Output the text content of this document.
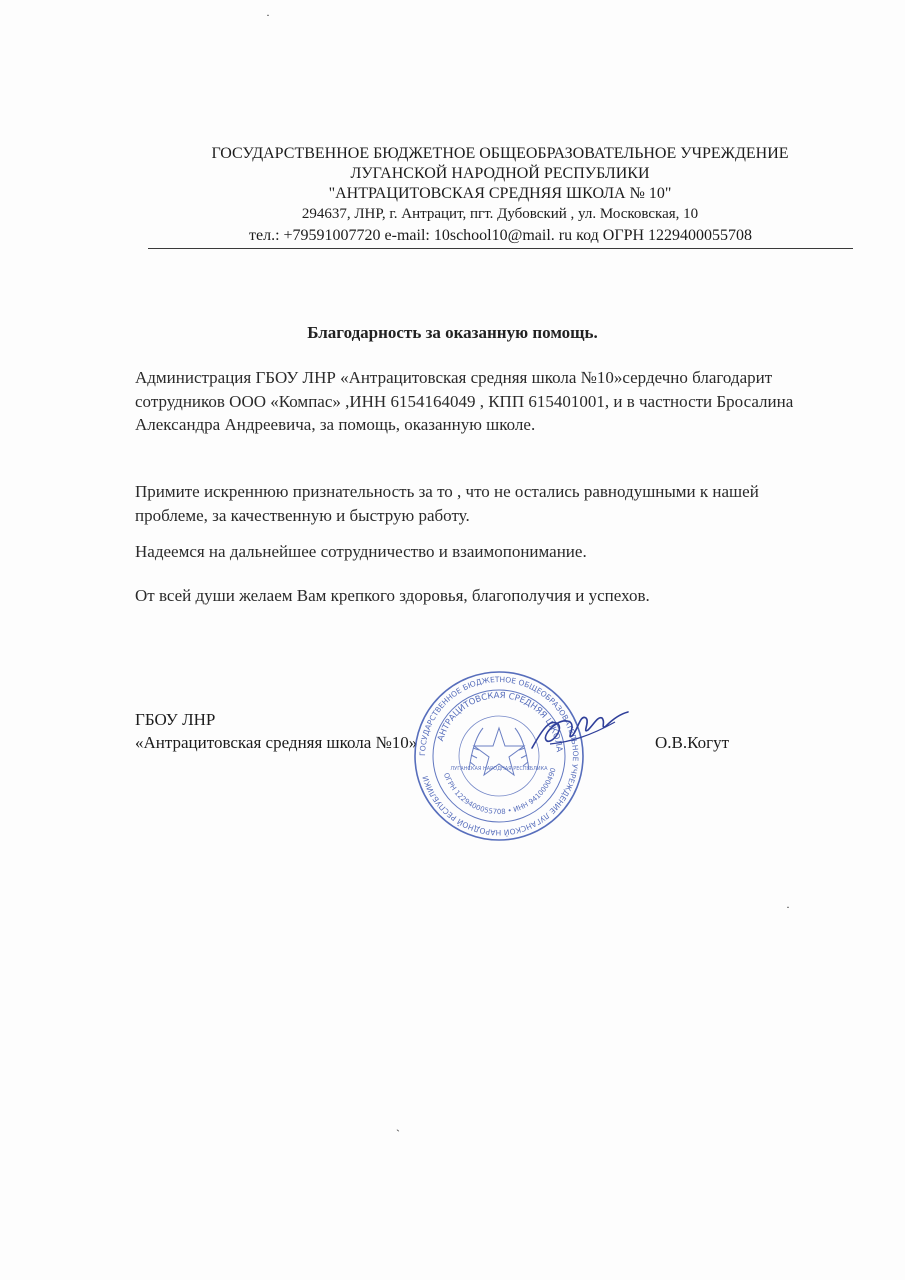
ГОСУДАРСТВЕННОЕ БЮДЖЕТНОЕ ОБЩЕОБРАЗОВАТЕЛЬНОЕ УЧРЕЖДЕНИЕ
ЛУГАНСКОЙ НАРОДНОЙ РЕСПУБЛИКИ
"АНТРАЦИТОВСКАЯ СРЕДНЯЯ ШКОЛА № 10"
294637, ЛНР, г. Антрацит, пгт. Дубовский , ул. Московская, 10
тел.: +79591007720 e-mail: 10school10@mail. ru код ОГРН 1229400055708
Благодарность за оказанную помощь.
Администрация ГБОУ ЛНР «Антрацитовская средняя школа №10»сердечно благодарит сотрудников ООО «Компас» ,ИНН 6154164049 , КПП 615401001, и в частности Бросалина Александра Андреевича, за помощь, оказанную школе.
Примите искреннюю признательность за то , что не остались равнодушными к нашей проблеме, за качественную и быструю работу.
Надеемся на дальнейшее сотрудничество и взаимопонимание.
От всей души желаем Вам крепкого здоровья, благополучия и успехов.
ГБОУ ЛНР
«Антрацитовская средняя школа №10»
ГОСУДАРСТВЕННОЕ БЮДЖЕТНОЕ ОБЩЕОБРАЗОВАТЕЛЬНОЕ УЧРЕЖДЕНИЕ ЛУГАНСКОЙ НАРОДНОЙ РЕСПУБЛИКИ
АНТРАЦИТОВСКАЯ СРЕДНЯЯ ШКОЛА
ОГРН 1229400055708 • ИНН 9410000490
ЛУГАНСКАЯ НАРОДНАЯ РЕСПУБЛИКА
О.В.Когут
·
·
ˏ
